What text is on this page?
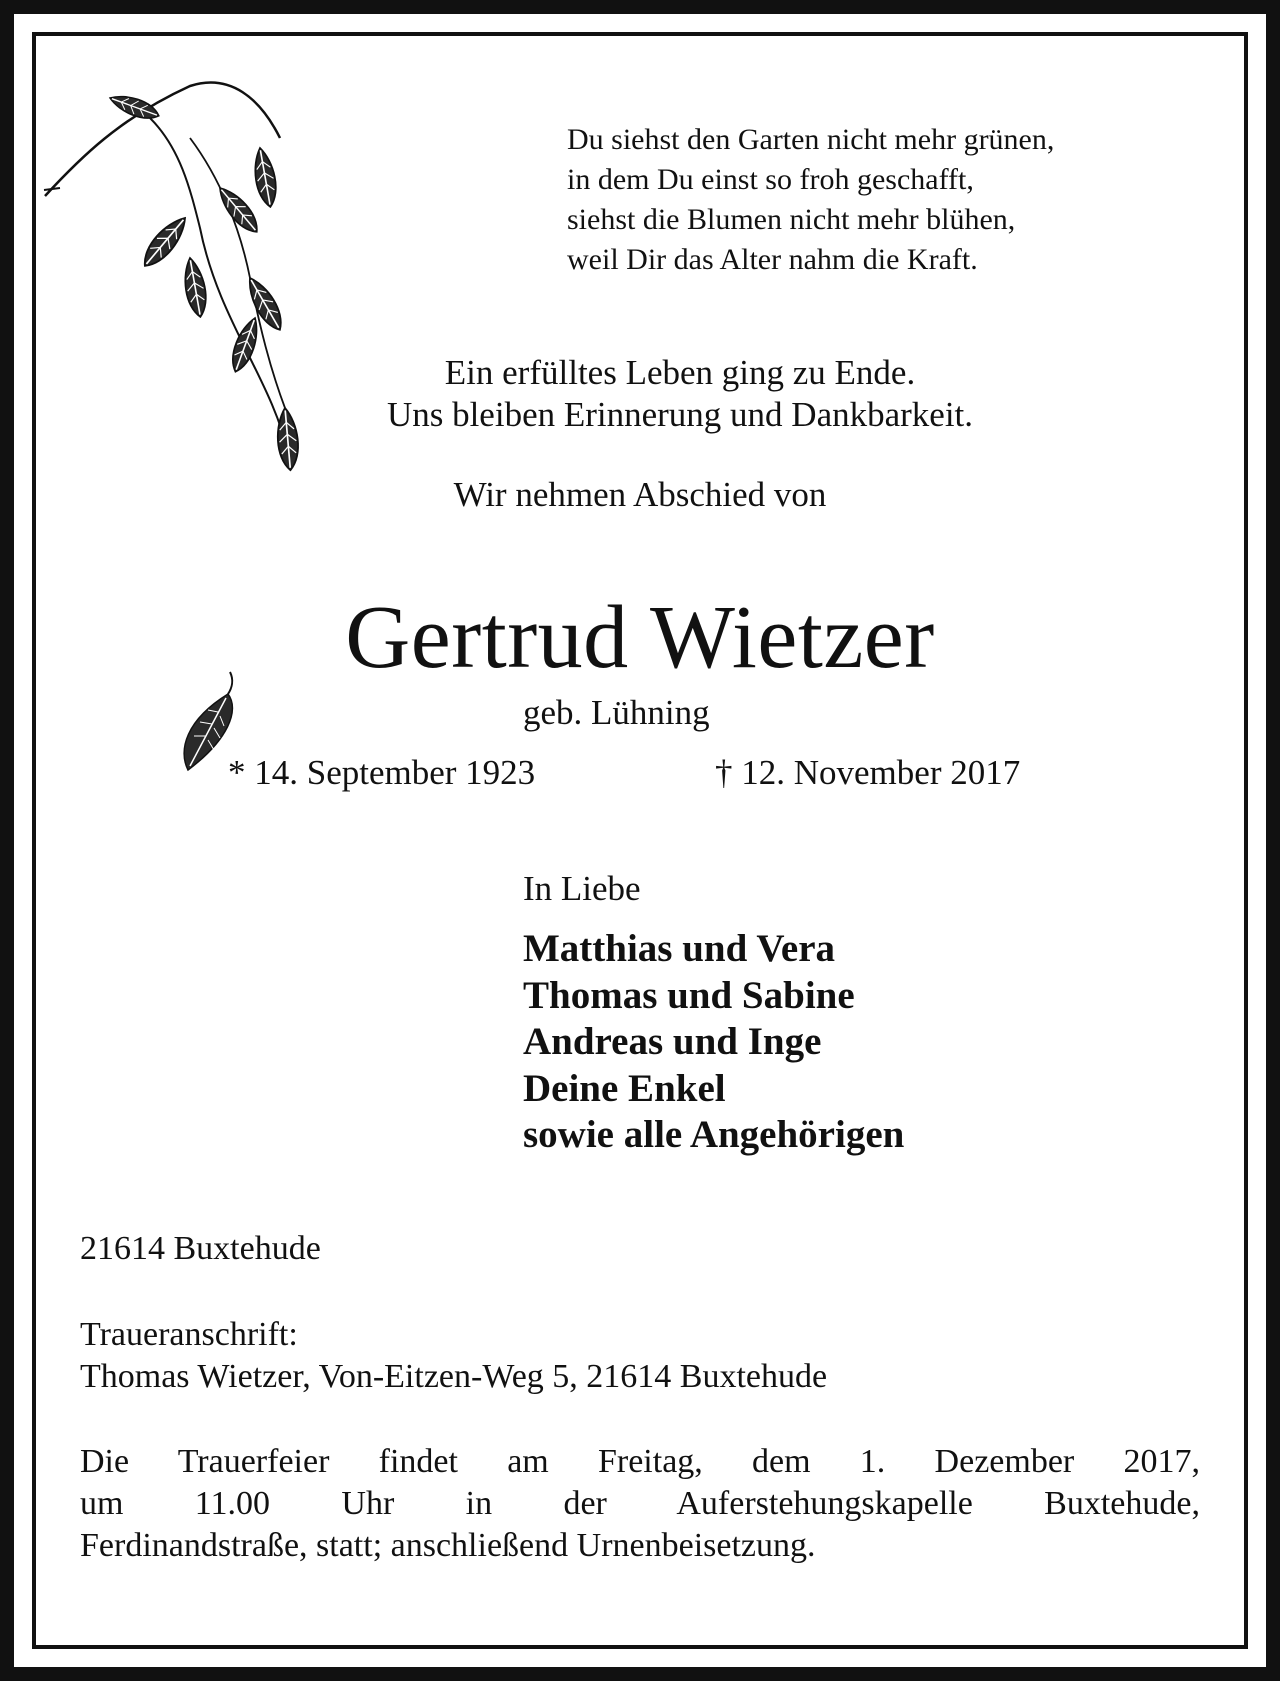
Du siehst den Garten nicht mehr grünen,
in dem Du einst so froh geschafft,
siehst die Blumen nicht mehr blühen,
weil Dir das Alter nahm die Kraft.
Ein erfülltes Leben ging zu Ende.
Uns bleiben Erinnerung und Dankbarkeit.
Wir nehmen Abschied von
Gertrud Wietzer
geb. Lühning
* 14. September 1923	† 12. November 2017
In Liebe
Matthias und Vera
Thomas und Sabine
Andreas und Inge
Deine Enkel
sowie alle Angehörigen
21614 Buxtehude
Traueranschrift:
Thomas Wietzer, Von-Eitzen-Weg 5, 21614 Buxtehude
Die Trauerfeier findet am Freitag, dem 1. Dezember 2017,
um 11.00 Uhr in der Auferstehungskapelle Buxtehude,
Ferdinandstraße, statt; anschließend Urnenbeisetzung.
